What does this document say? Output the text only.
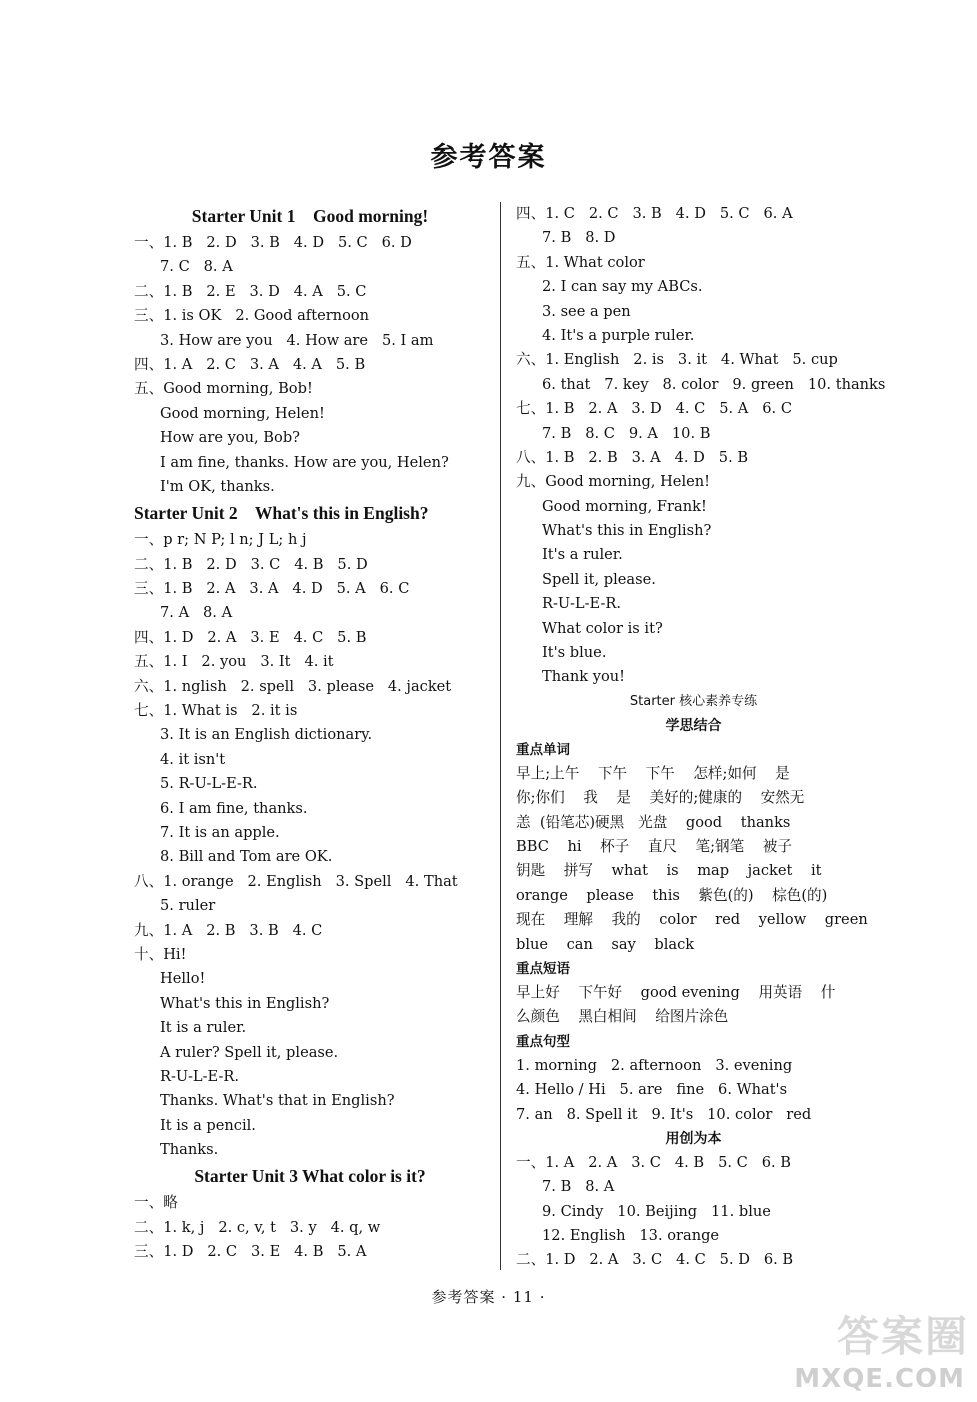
参考答案
Starter Unit 1    Good morning!
一、1. B   2. D   3. B   4. D   5. C   6. D
7. C   8. A
二、1. B   2. E   3. D   4. A   5. C
三、1. is OK   2. Good afternoon
3. How are you   4. How are   5. I am
四、1. A   2. C   3. A   4. A   5. B
五、Good morning, Bob!
Good morning, Helen!
How are you, Bob?
I am fine, thanks. How are you, Helen?
I'm OK, thanks.
Starter Unit 2    What's this in English?
一、p r; N P; l n; J L; h j
二、1. B   2. D   3. C   4. B   5. D
三、1. B   2. A   3. A   4. D   5. A   6. C
7. A   8. A
四、1. D   2. A   3. E   4. C   5. B
五、1. I   2. you   3. It   4. it
六、1. nglish   2. spell   3. please   4. jacket
七、1. What is   2. it is
3. It is an English dictionary.
4. it isn't
5. R-U-L-E-R.
6. I am fine, thanks.
7. It is an apple.
8. Bill and Tom are OK.
八、1. orange   2. English   3. Spell   4. That
5. ruler
九、1. A   2. B   3. B   4. C
十、Hi!
Hello!
What's this in English?
It is a ruler.
A ruler? Spell it, please.
R-U-L-E-R.
Thanks. What's that in English?
It is a pencil.
Thanks.
Starter Unit 3 What color is it?
一、略
二、1. k, j   2. c, v, t   3. y   4. q, w
三、1. D   2. C   3. E   4. B   5. A
四、1. C   2. C   3. B   4. D   5. C   6. A
7. B   8. D
五、1. What color
2. I can say my ABCs.
3. see a pen
4. It's a purple ruler.
六、1. English   2. is   3. it   4. What   5. cup
6. that   7. key   8. color   9. green   10. thanks
七、1. B   2. A   3. D   4. C   5. A   6. C
7. B   8. C   9. A   10. B
八、1. B   2. B   3. A   4. D   5. B
九、Good morning, Helen!
Good morning, Frank!
What's this in English?
It's a ruler.
Spell it, please.
R-U-L-E-R.
What color is it?
It's blue.
Thank you!
Starter 核心素养专练
学思结合
重点单词
早上;上午    下午    下午    怎样;如何    是
你;你们    我    是    美好的;健康的    安然无
恙  (铅笔芯)硬黑   光盘    good    thanks
BBC    hi    杯子    直尺    笔;钢笔    被子
钥匙    拼写    what    is    map    jacket    it
orange    please    this    紫色(的)    棕色(的)
现在    理解    我的    color    red    yellow    green
blue    can    say    black
重点短语
早上好    下午好    good evening    用英语    什
么颜色    黑白相间    给图片涂色
重点句型
1. morning   2. afternoon   3. evening
4. Hello / Hi   5. are   fine   6. What's
7. an   8. Spell it   9. It's   10. color   red
用创为本
一、1. A   2. A   3. C   4. B   5. C   6. B
7. B   8. A
9. Cindy   10. Beijing   11. blue
12. English   13. orange
二、1. D   2. A   3. C   4. C   5. D   6. B
参考答案 · 11 ·
答案圈
MXQE.COM
